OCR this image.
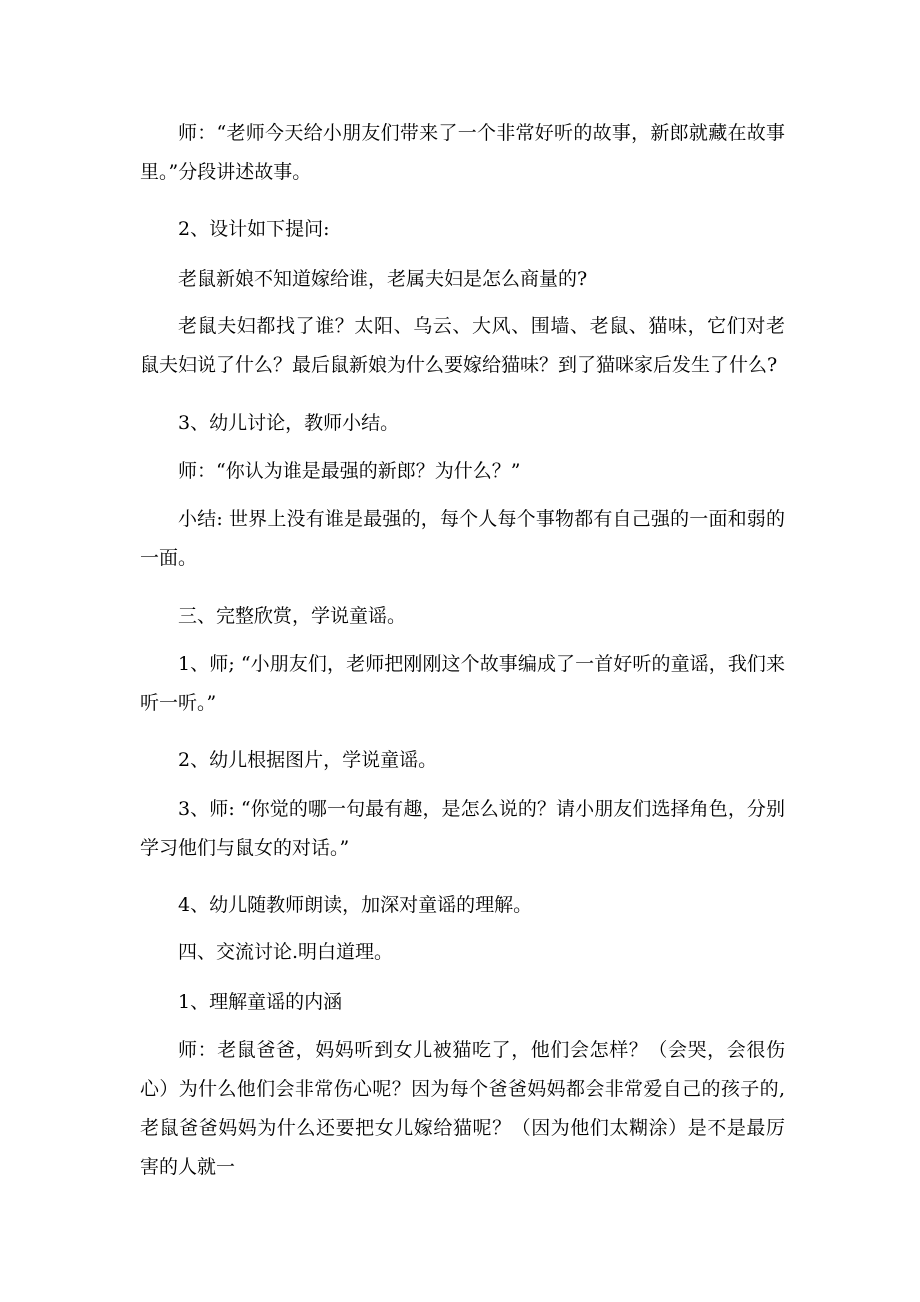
师：“老师今天给小朋友们带来了一个非常好听的故事，新郎就藏在故事里。”分段讲述故事。

2、设计如下提问:

老鼠新娘不知道嫁给谁，老属夫妇是怎么商量的?

老鼠夫妇都找了谁？太阳、乌云、大风、围墙、老鼠、猫味，它们对老鼠夫妇说了什么？最后鼠新娘为什么要嫁给猫味？到了猫咪家后发生了什么?

3、幼儿讨论，教师小结。

师：“你认为谁是最强的新郎？为什么？”

小结: 世界上没有谁是最强的，每个人每个事物都有自己强的一面和弱的一面。

三、完整欣赏，学说童谣。

1、师; “小朋友们，老师把刚刚这个故事编成了一首好听的童谣，我们来听一听。”

2、幼儿根据图片，学说童谣。

3、师: “你觉的哪一句最有趣，是怎么说的？请小朋友们选择角色，分别学习他们与鼠女的对话。”

4、幼儿随教师朗读，加深对童谣的理解。

四、交流讨论.明白道理。

1、理解童谣的内涵

师：老鼠爸爸，妈妈听到女儿被猫吃了，他们会怎样？（会哭，会很伤心）为什么他们会非常伤心呢？因为每个爸爸妈妈都会非常爱自己的孩子的, 老鼠爸爸妈妈为什么还要把女儿嫁给猫呢？（因为他们太糊涂）是不是最厉害的人就一
